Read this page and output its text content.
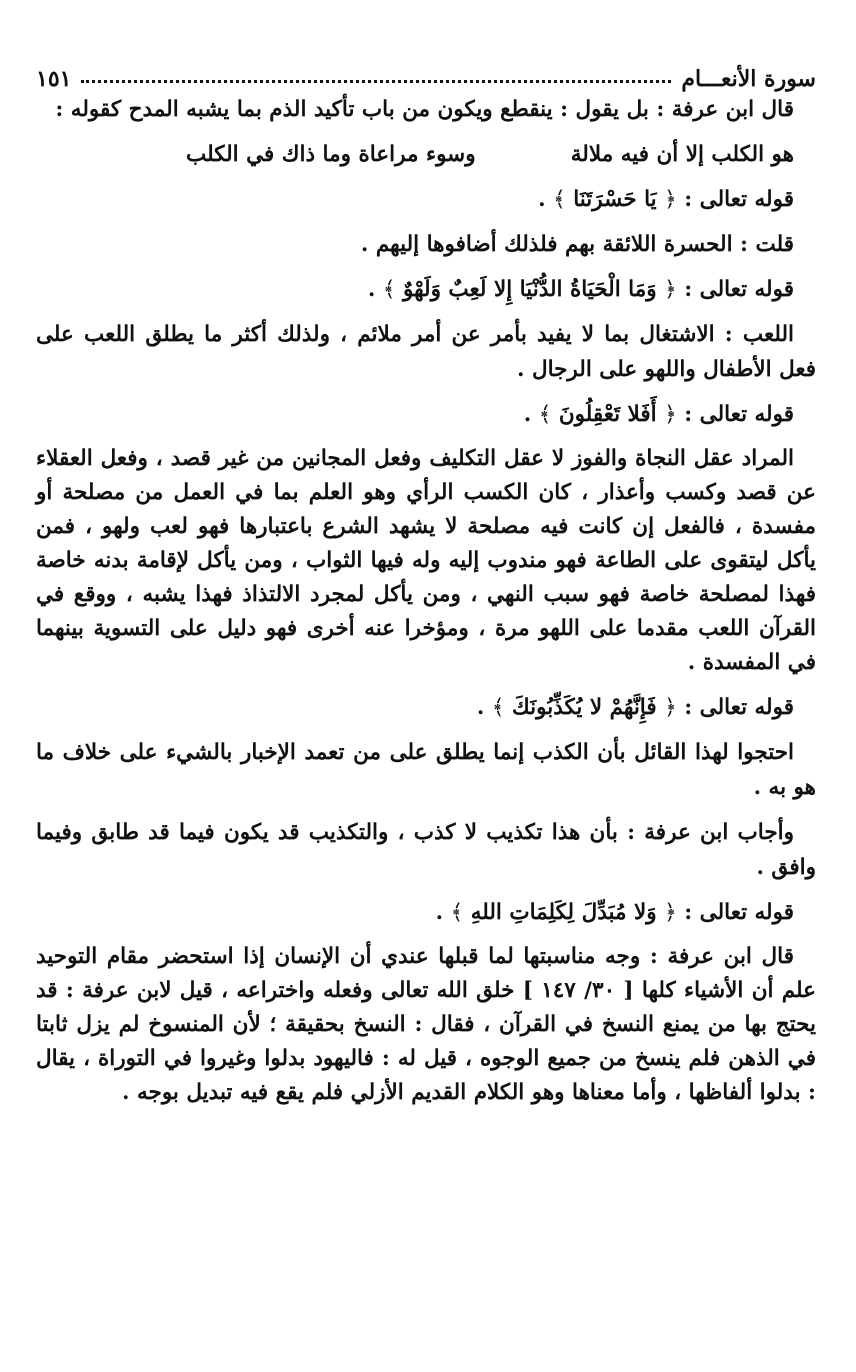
سورة الأنعـــام
١٥١

قال ابن عرفة : بل يقول : ينقطع ويكون من باب تأكيد الذم بما يشبه المدح كقوله :

هو الكلب إلا أن فيه ملالة
وسوء مراعاة وما ذاك في الكلب

قوله تعالى : ﴿ يَا حَسْرَتَنَا ﴾ .

قلت : الحسرة اللائقة بهم فلذلك أضافوها إليهم .

قوله تعالى : ﴿ وَمَا الْحَيَاةُ الدُّنْيَا إِلا لَعِبٌ وَلَهْوٌ ﴾ .

اللعب : الاشتغال بما لا يفيد بأمر عن أمر ملائم ، ولذلك أكثر ما يطلق اللعب على فعل الأطفال واللهو على الرجال .

قوله تعالى : ﴿ أَفَلا تَعْقِلُونَ ﴾ .

المراد عقل النجاة والفوز لا عقل التكليف وفعل المجانين من غير قصد ، وفعل العقلاء عن قصد وكسب وأعذار ، كان الكسب الرأي وهو العلم بما في العمل من مصلحة أو مفسدة ، فالفعل إن كانت فيه مصلحة لا يشهد الشرع باعتبارها فهو لعب ولهو ، فمن يأكل ليتقوى على الطاعة فهو مندوب إليه وله فيها الثواب ، ومن يأكل لإقامة بدنه خاصة فهذا لمصلحة خاصة فهو سبب النهي ، ومن يأكل لمجرد الالتذاذ فهذا يشبه ، ووقع في القرآن اللعب مقدما على اللهو مرة ، ومؤخرا عنه أخرى فهو دليل على التسوية بينهما في المفسدة .

قوله تعالى : ﴿ فَإِنَّهُمْ لا يُكَذِّبُونَكَ ﴾ .

احتجوا لهذا القائل بأن الكذب إنما يطلق على من تعمد الإخبار بالشيء على خلاف ما هو به .

وأجاب ابن عرفة : بأن هذا تكذيب لا كذب ، والتكذيب قد يكون فيما قد طابق وفيما وافق .

قوله تعالى : ﴿ وَلا مُبَدِّلَ لِكَلِمَاتِ اللهِ ﴾ .

قال ابن عرفة : وجه مناسبتها لما قبلها عندي أن الإنسان إذا استحضر مقام التوحيد علم أن الأشياء كلها [ ٣٠/ ١٤٧ ] خلق الله تعالى وفعله واختراعه ، قيل لابن عرفة : قد يحتج بها من يمنع النسخ في القرآن ، فقال : النسخ بحقيقة ؛ لأن المنسوخ لم يزل ثابتا في الذهن فلم ينسخ من جميع الوجوه ، قيل له : فاليهود بدلوا وغيروا في التوراة ، يقال : بدلوا ألفاظها ، وأما معناها وهو الكلام القديم الأزلي فلم يقع فيه تبديل بوجه .
